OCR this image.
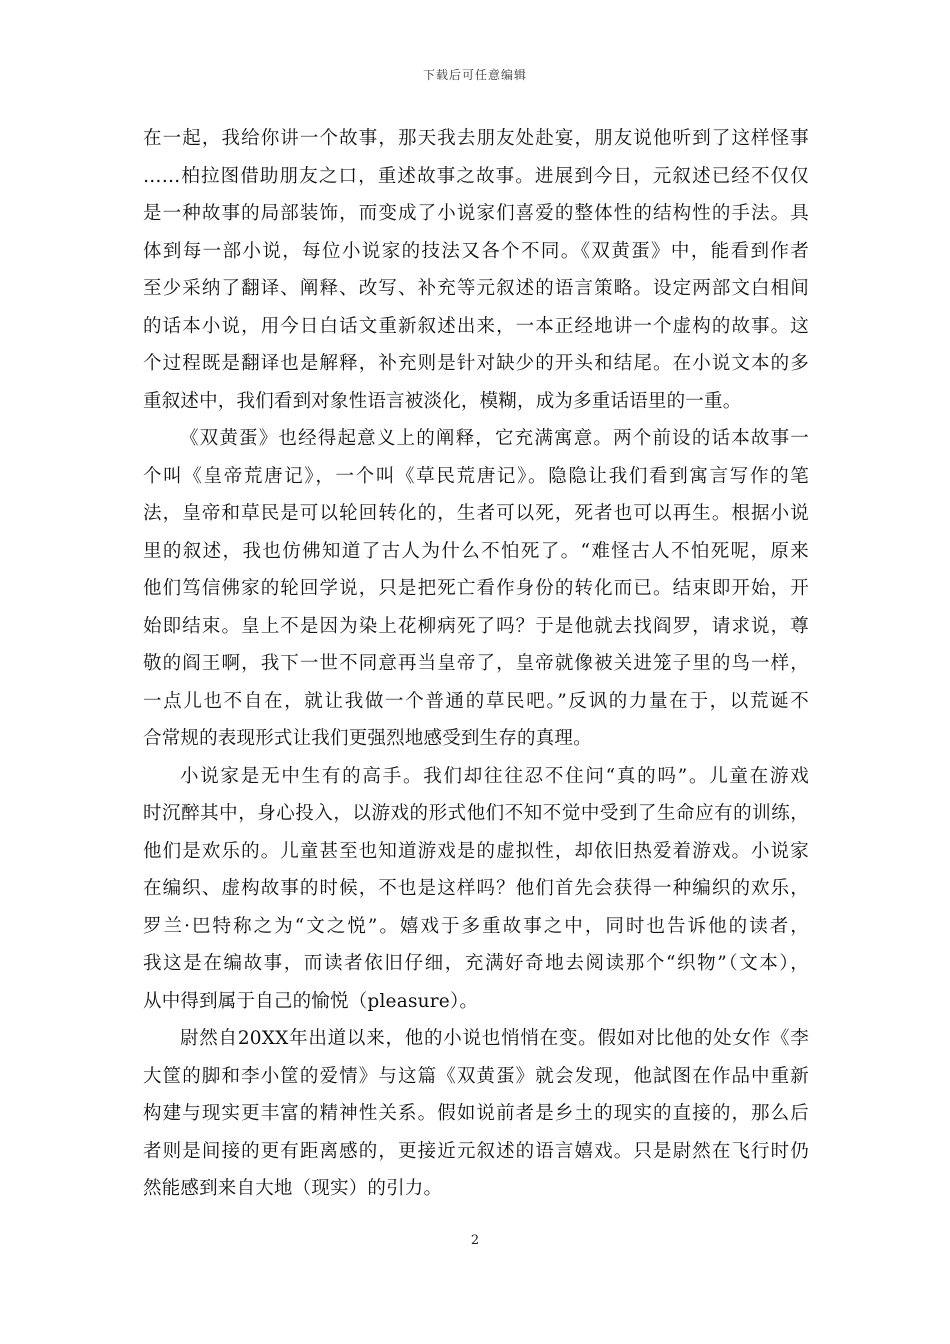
下载后可任意编辑
在一起，我给你讲一个故事，那天我去朋友处赴宴，朋友说他听到了这样怪事
……柏拉图借助朋友之口，重述故事之故事。进展到今日，元叙述已经不仅仅
是一种故事的局部装饰，而变成了小说家们喜爱的整体性的结构性的手法。具
体到每一部小说，每位小说家的技法又各个不同。《双黄蛋》中，能看到作者
至少采纳了翻译、阐释、改写、补充等元叙述的语言策略。设定两部文白相间
的话本小说，用今日白话文重新叙述出来，一本正经地讲一个虚构的故事。这
个过程既是翻译也是解释，补充则是针对缺少的开头和结尾。在小说文本的多
重叙述中，我们看到对象性语言被淡化，模糊，成为多重话语里的一重。
《双黄蛋》也经得起意义上的阐释，它充满寓意。两个前设的话本故事一
个叫《皇帝荒唐记》，一个叫《草民荒唐记》。隐隐让我们看到寓言写作的笔
法，皇帝和草民是可以轮回转化的，生者可以死，死者也可以再生。根据小说
里的叙述，我也仿佛知道了古人为什么不怕死了。“难怪古人不怕死呢，原来
他们笃信佛家的轮回学说，只是把死亡看作身份的转化而已。结束即开始，开
始即结束。皇上不是因为染上花柳病死了吗？于是他就去找阎罗，请求说，尊
敬的阎王啊，我下一世不同意再当皇帝了，皇帝就像被关进笼子里的鸟一样，
一点儿也不自在，就让我做一个普通的草民吧。”反讽的力量在于，以荒诞不
合常规的表现形式让我们更强烈地感受到生存的真理。
小说家是无中生有的高手。我们却往往忍不住问“真的吗”。儿童在游戏
时沉醉其中，身心投入，以游戏的形式他们不知不觉中受到了生命应有的训练，
他们是欢乐的。儿童甚至也知道游戏是的虚拟性，却依旧热爱着游戏。小说家
在编织、虚构故事的时候，不也是这样吗？他们首先会获得一种编织的欢乐，
罗兰·巴特称之为“文之悦”。嬉戏于多重故事之中，同时也告诉他的读者，
我这是在编故事，而读者依旧仔细，充满好奇地去阅读那个“织物”（文本），
从中得到属于自己的愉悦（pleasure）。
尉然自20XX年出道以来，他的小说也悄悄在变。假如对比他的处女作《李
大筐的脚和李小筐的爱情》与这篇《双黄蛋》就会发现，他試图在作品中重新
构建与现实更丰富的精神性关系。假如说前者是乡土的现实的直接的，那么后
者则是间接的更有距离感的，更接近元叙述的语言嬉戏。只是尉然在飞行时仍
然能感到来自大地（现实）的引力。
2
